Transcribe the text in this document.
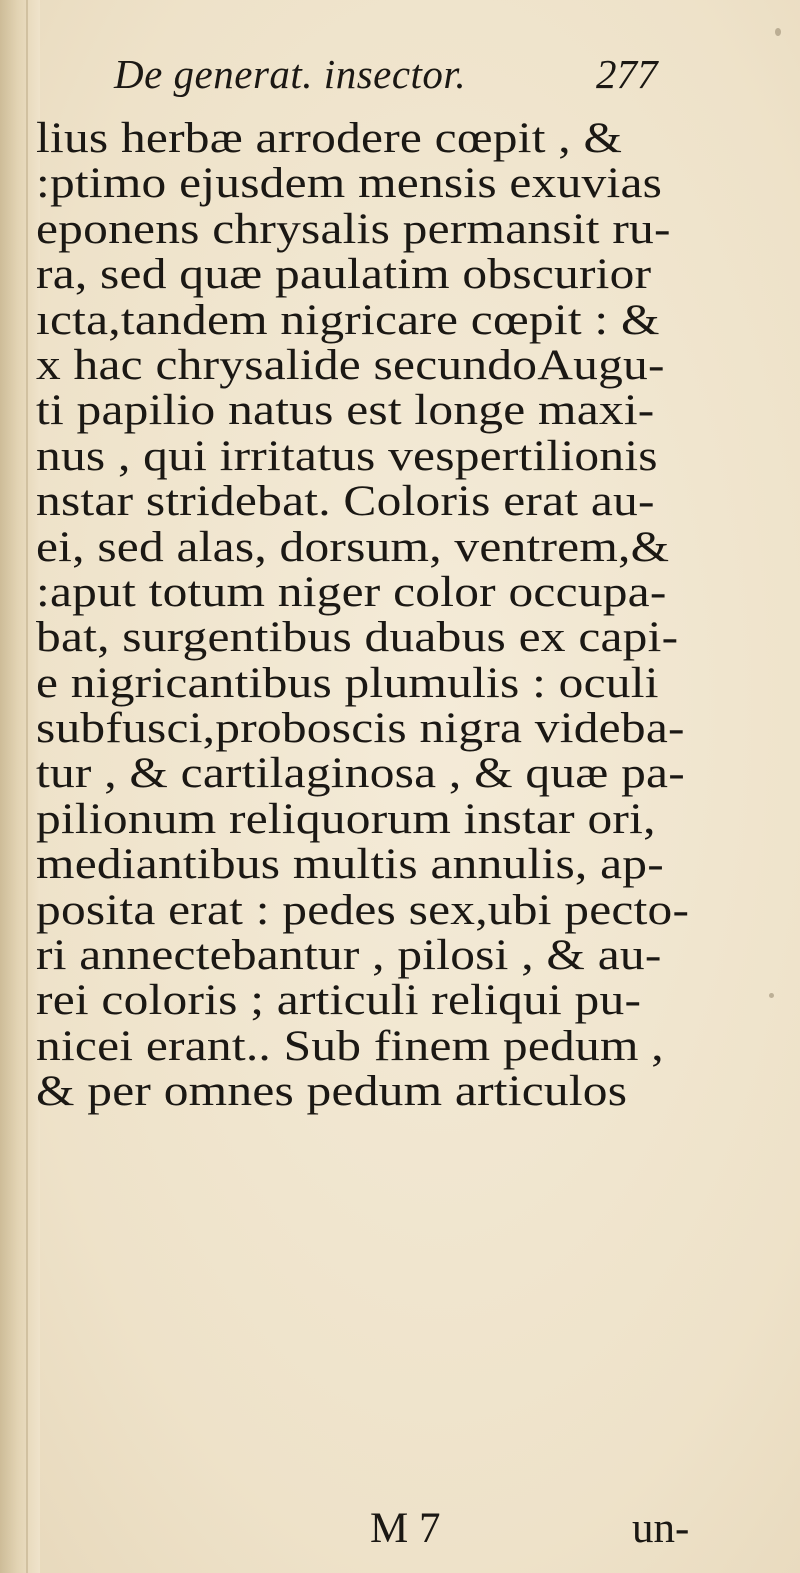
De generat. insector.	277
lius herbæ arrodere cœpit , &
:ptimo ejusdem mensis exuvias
eponens chrysalis permansit ru-
ra, sed quæ paulatim obscurior
ıcta,tandem nigricare cœpit : &
x hac chrysalide secundoAugu-
ti papilio natus est longe maxi-
nus , qui irritatus vespertilionis
nstar stridebat. Coloris erat au-
ei, sed alas, dorsum, ventrem,&
:aput totum niger color occupa-
bat, surgentibus duabus ex capi-
e nigricantibus plumulis : oculi
subfusci,proboscis nigra videba-
tur , & cartilaginosa , & quæ pa-
pilionum reliquorum instar ori,
mediantibus multis annulis, ap-
posita erat : pedes sex,ubi pecto-
ri annectebantur , pilosi , & au-
rei coloris ; articuli reliqui pu-
nicei erant.. Sub finem pedum ,
& per omnes pedum articulos
M 7	un-
